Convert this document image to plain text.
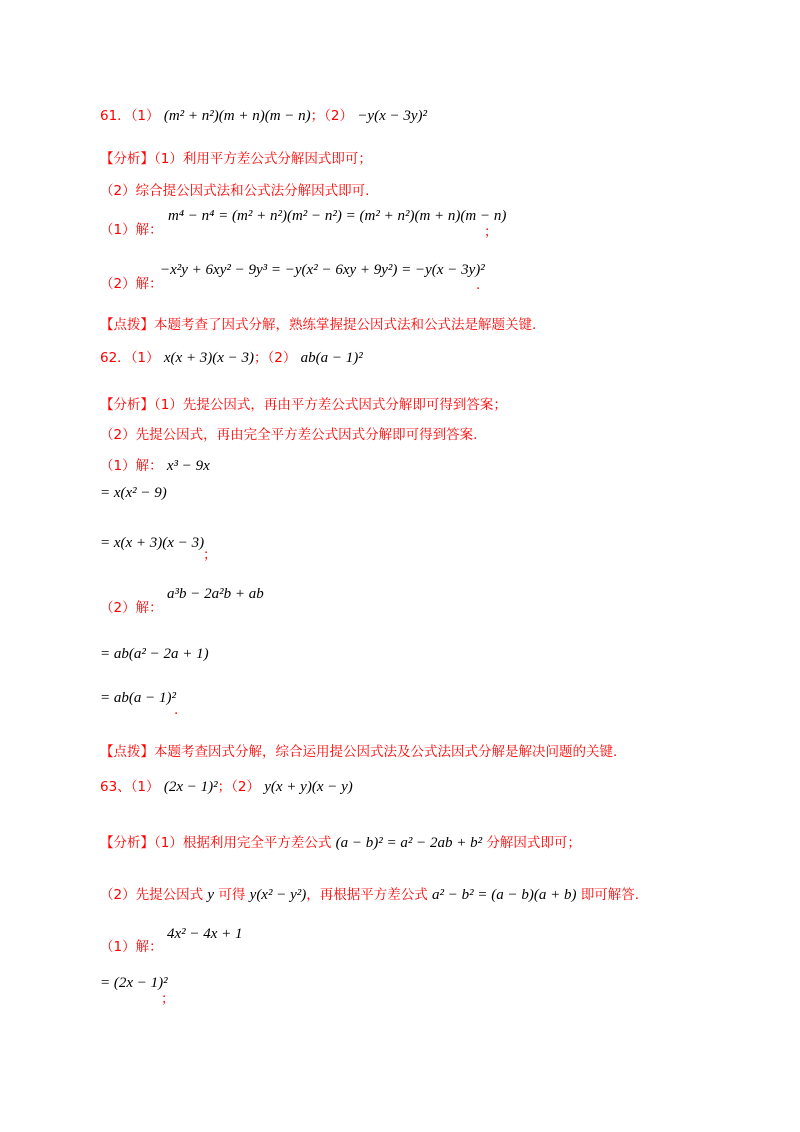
61．（1） (m² + n²)(m + n)(m − n)；（2） −y(x − 3y)²
【分析】（1）利用平方差公式分解因式即可；
（2）综合提公因式法和公式法分解因式即可.
（1）解：
m⁴ − n⁴ = (m² + n²)(m² − n²) = (m² + n²)(m + n)(m − n)
；
（2）解：
−x²y + 6xy² − 9y³ = −y(x² − 6xy + 9y²) = −y(x − 3y)²
.
【点拨】本题考查了因式分解，熟练掌握提公因式法和公式法是解题关键.
62．（1） x(x + 3)(x − 3)；（2） ab(a − 1)²
【分析】（1）先提公因式，再由平方差公式因式分解即可得到答案；
（2）先提公因式，再由完全平方差公式因式分解即可得到答案.
（1）解： x³ − 9x
= x(x² − 9)
= x(x + 3)(x − 3)
；
（2）解：
a³b − 2a²b + ab
= ab(a² − 2a + 1)
= ab(a − 1)²
.
【点拨】本题考查因式分解，综合运用提公因式法及公式法因式分解是解决问题的关键.
63、（1） (2x − 1)²；（2） y(x + y)(x − y)
【分析】（1）根据利用完全平方差公式 (a − b)² = a² − 2ab + b² 分解因式即可；
（2）先提公因式 y 可得 y(x² − y²)，再根据平方差公式 a² − b² = (a − b)(a + b) 即可解答.
（1）解：
4x² − 4x + 1
= (2x − 1)²
；
